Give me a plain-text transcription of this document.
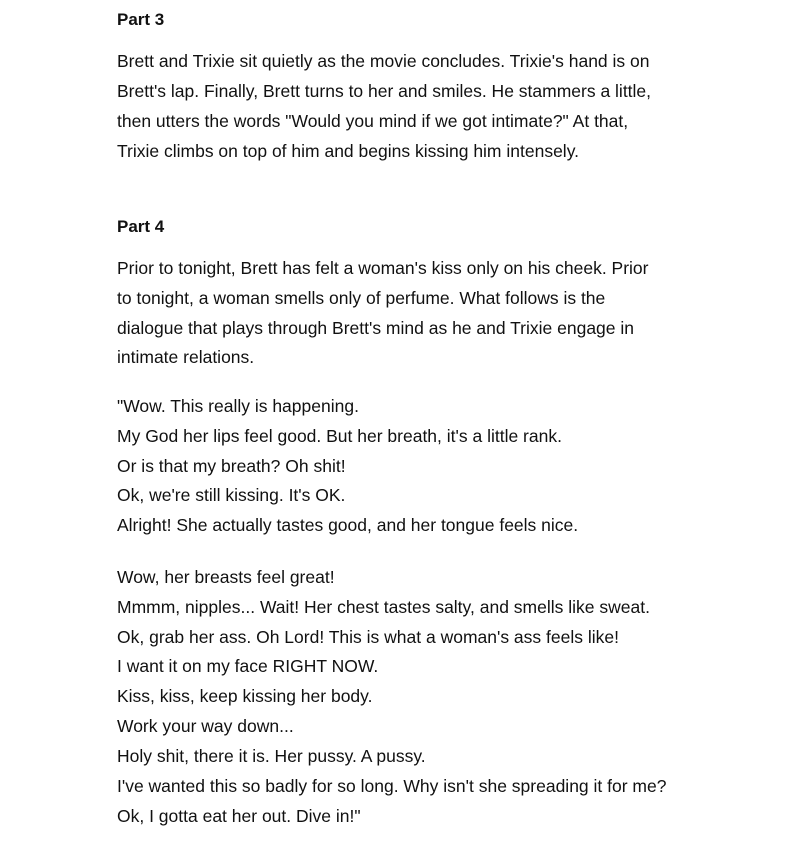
Part 3
Brett and Trixie sit quietly as the movie concludes. Trixie's hand is on
Brett's lap. Finally, Brett turns to her and smiles. He stammers a little,
then utters the words "Would you mind if we got intimate?" At that,
Trixie climbs on top of him and begins kissing him intensely.
Part 4
Prior to tonight, Brett has felt a woman's kiss only on his cheek. Prior
to tonight, a woman smells only of perfume. What follows is the
dialogue that plays through Brett's mind as he and Trixie engage in
intimate relations.
"Wow. This really is happening.
My God her lips feel good. But her breath, it's a little rank.
Or is that my breath? Oh shit!
Ok, we're still kissing. It's OK.
Alright! She actually tastes good, and her tongue feels nice.
Wow, her breasts feel great!
Mmmm, nipples... Wait! Her chest tastes salty, and smells like sweat.
Ok, grab her ass. Oh Lord! This is what a woman's ass feels like!
I want it on my face RIGHT NOW.
Kiss, kiss, keep kissing her body.
Work your way down...
Holy shit, there it is. Her pussy. A pussy.
I've wanted this so badly for so long. Why isn't she spreading it for me?
Ok, I gotta eat her out. Dive in!"
